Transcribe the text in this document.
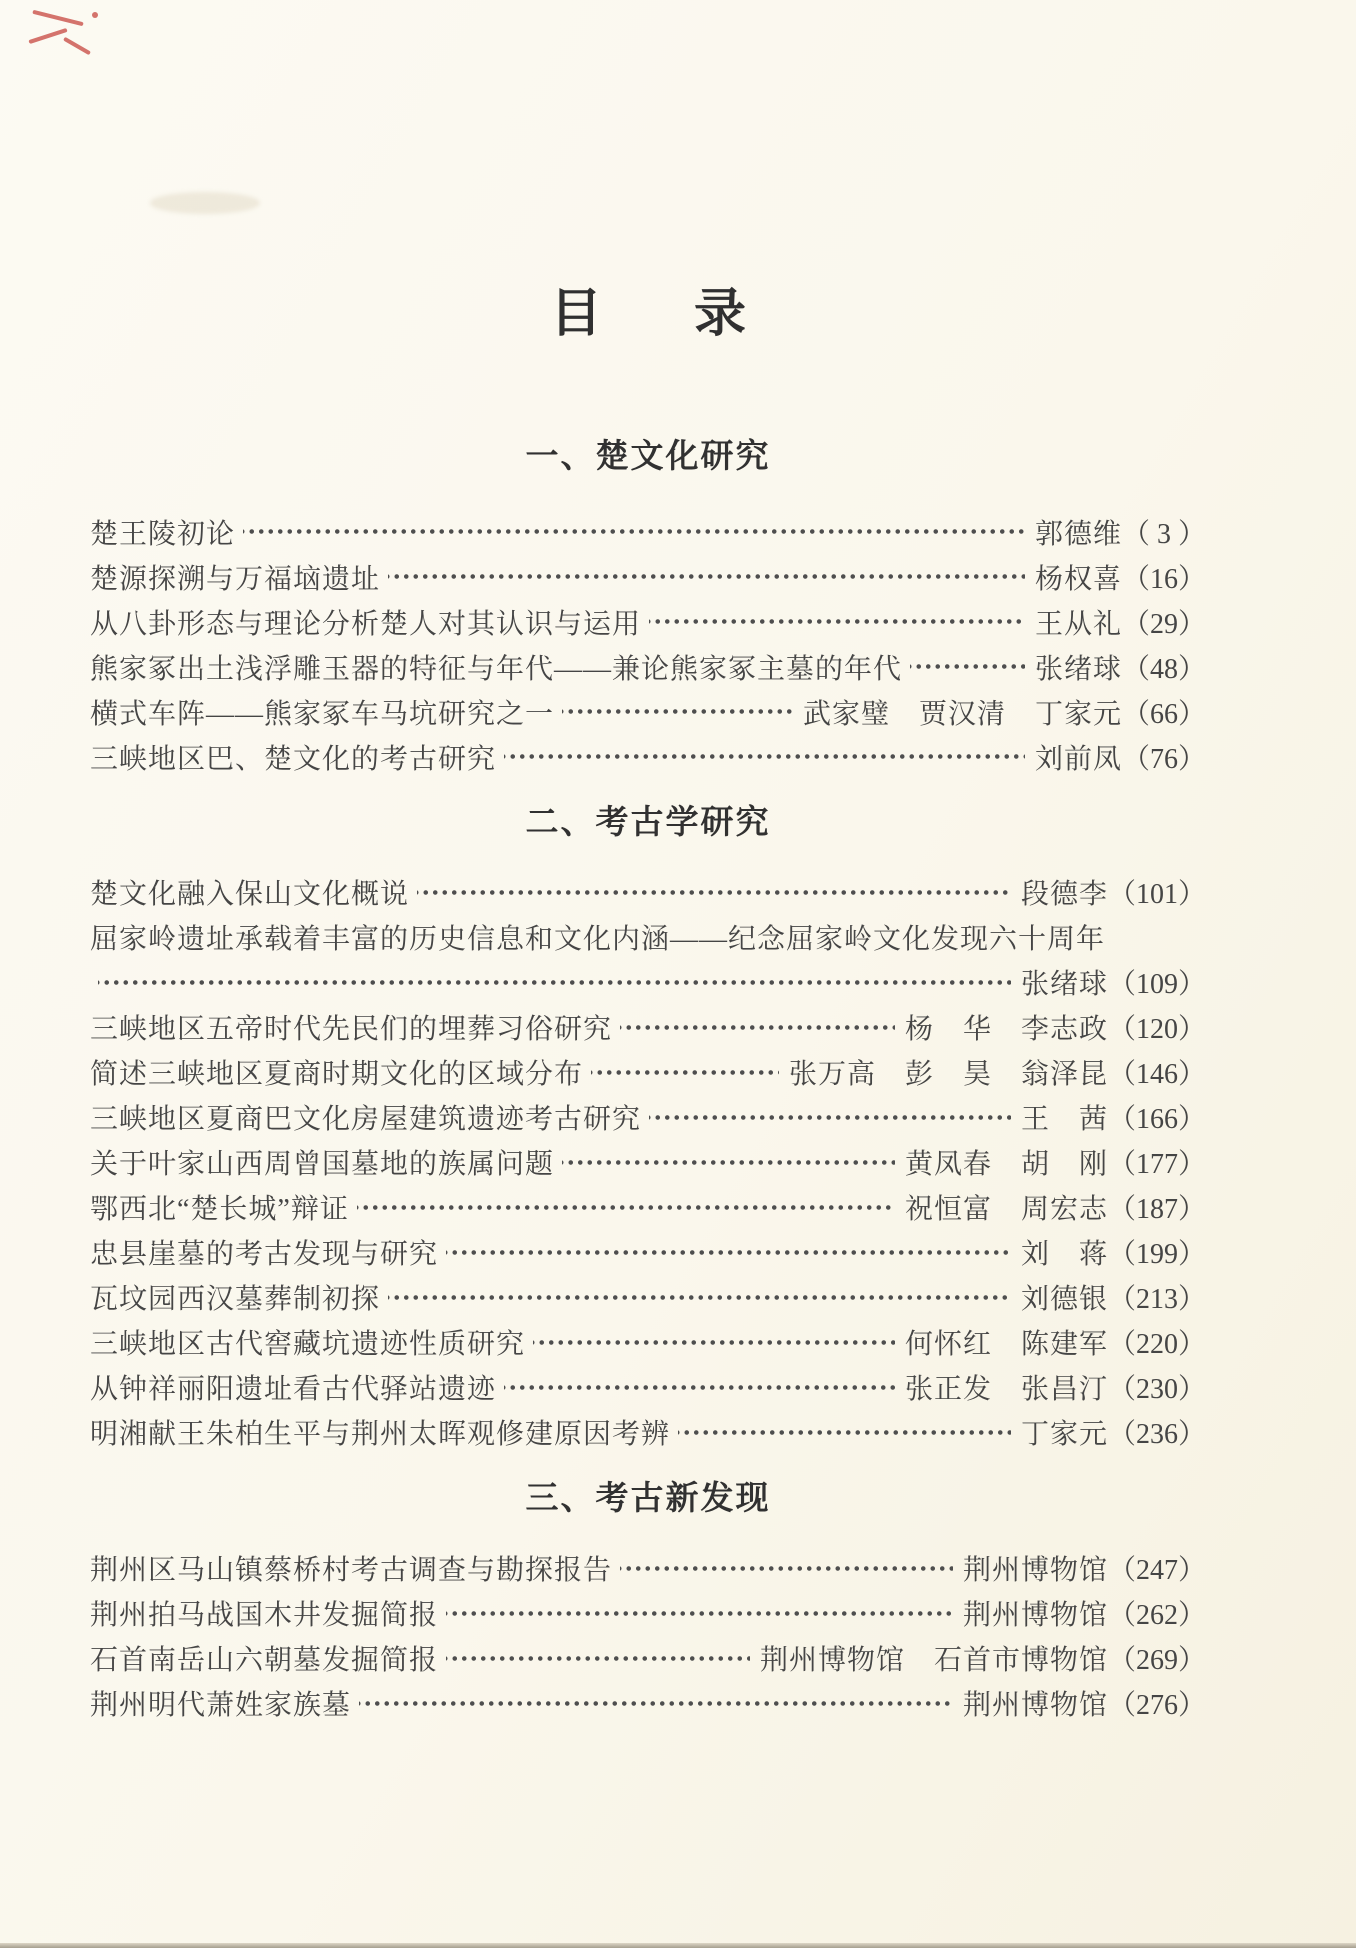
目　录
一、楚文化研究
楚王陵初论	郭德维 （ 3 ）
楚源探溯与万福垴遗址	杨权喜 （16）
从八卦形态与理论分析楚人对其认识与运用	王从礼 （29）
熊家冢出土浅浮雕玉器的特征与年代——兼论熊家冢主墓的年代	张绪球 （48）
横式车阵——熊家冢车马坑研究之一	武家璧　贾汉清　丁家元 （66）
三峡地区巴、楚文化的考古研究	刘前凤 （76）
二、考古学研究
楚文化融入保山文化概说	段德李 （101）
屈家岭遗址承载着丰富的历史信息和文化内涵——纪念屈家岭文化发现六十周年
张绪球 （109）
三峡地区五帝时代先民们的埋葬习俗研究	杨　华　李志政 （120）
简述三峡地区夏商时期文化的区域分布	张万高　彭　昊　翁泽昆 （146）
三峡地区夏商巴文化房屋建筑遗迹考古研究	王　茜 （166）
关于叶家山西周曾国墓地的族属问题	黄凤春　胡　刚 （177）
鄂西北“楚长城”辩证	祝恒富　周宏志 （187）
忠县崖墓的考古发现与研究	刘　蒋 （199）
瓦坟园西汉墓葬制初探	刘德银 （213）
三峡地区古代窖藏坑遗迹性质研究	何怀红　陈建军 （220）
从钟祥丽阳遗址看古代驿站遗迹	张正发　张昌汀 （230）
明湘献王朱柏生平与荆州太晖观修建原因考辨	丁家元 （236）
三、考古新发现
荆州区马山镇蔡桥村考古调查与勘探报告	荆州博物馆 （247）
荆州拍马战国木井发掘简报	荆州博物馆 （262）
石首南岳山六朝墓发掘简报	荆州博物馆　石首市博物馆 （269）
荆州明代萧姓家族墓	荆州博物馆 （276）
